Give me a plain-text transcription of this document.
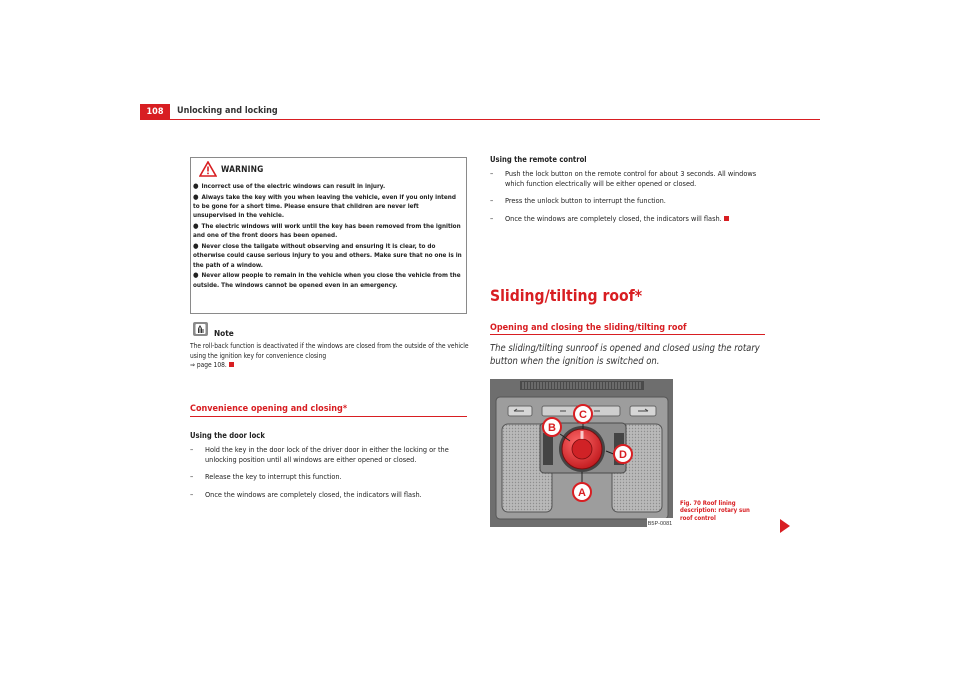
108	Unlocking and locking
WARNING
● Incorrect use of the electric windows can result in injury.
● Always take the key with you when leaving the vehicle, even if you only intend to be gone for a short time. Please ensure that children are never left unsupervised in the vehicle.
● The electric windows will work until the key has been removed from the ignition and one of the front doors has been opened.
● Never close the tailgate without observing and ensuring it is clear, to do otherwise could cause serious injury to you and others. Make sure that no one is in the path of a window.
● Never allow people to remain in the vehicle when you close the vehicle from the outside. The windows cannot be opened even in an emergency.
Note
The roll-back function is deactivated if the windows are closed from the outside of the vehicle using the ignition key for convenience closing
⇒ page 108.
Convenience opening and closing*
Using the door lock
– Hold the key in the door lock of the driver door in either the locking or the unlocking position until all windows are either opened or closed.
– Release the key to interrupt this function.
– Once the windows are completely closed, the indicators will flash.
Using the remote control
– Push the lock button on the remote control for about 3 seconds. All windows which function electrically will be either opened or closed.
– Press the unlock button to interrupt the function.
– Once the windows are completely closed, the indicators will flash.
Sliding/tilting roof*
Opening and closing the sliding/tilting roof
The sliding/tilting sunroof is opened and closed using the rotary button when the ignition is switched on.
B
C
D
A
B5P-0081
Fig. 70 Roof lining description: rotary sun roof control
